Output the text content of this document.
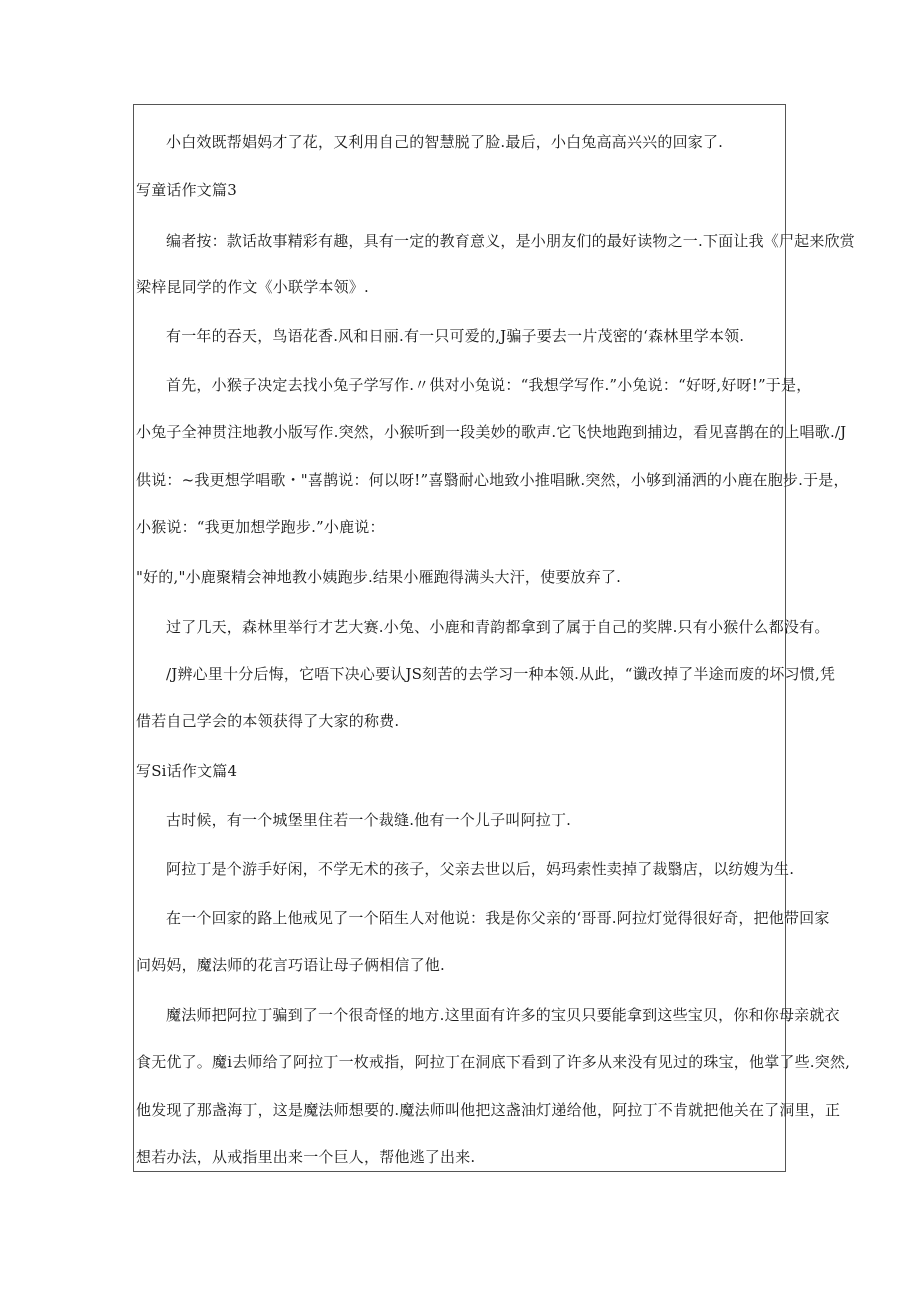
小白效既帮娼妈才了花，又利用自己的智慧脱了脸.最后，小白兔高高兴兴的回家了.
写童话作文篇3
编者按：款话故事精彩有趣，具有一定的教育意义，是小朋友们的最好读物之一.下面让我《尸起来欣赏
梁梓昆同学的作文《小联学本领》.
有一年的吞天，鸟语花香.风和日丽.有一只可爱的,J骗子要去一片茂密的‘森林里学本领.
首先，小猴子决定去找小兔子学写作.〃供对小兔说：“我想学写作.”小兔说：“好呀,好呀!”于是，
小兔子全神贯注地教小版写作.突然，小猴听到一段美妙的歌声.它飞快地跑到捕边，看见喜鹊在的上唱歌./J
供说：~我更想学唱歌・"喜鹊说：何以呀!”喜翳耐心地致小推唱瞅.突然，小够到涌洒的小鹿在胞步.于是，
小猴说：“我更加想学跑步.”小鹿说：
"好的,"小鹿聚精会神地教小姨跑步.结果小雁跑得满头大汗，使要放弃了.
过了几天，森林里举行才艺大赛.小兔、小鹿和青韵都拿到了属于自己的奖牌.只有小猴什么都没有。
/J辨心里十分后悔，它唔下决心要认JS刻苦的去学习一种本领.从此，“谶改掉了半途而废的坏习惯,凭
借若自己学会的本领获得了大家的称费.
写Si话作文篇4
古时候，有一个城堡里住若一个裁缝.他有一个儿子叫阿拉丁.
阿拉丁是个游手好闲，不学无术的孩子，父亲去世以后，妈玛索性卖掉了裁翳店，以纺嫂为生.
在一个回家的路上他戒见了一个陌生人对他说：我是你父亲的‘哥哥.阿拉灯觉得很好奇，把他带回家
问妈妈，魔法师的花言巧语让母子俩相信了他.
魔法师把阿拉丁骗到了一个很奇怪的地方.这里面有许多的宝贝只要能拿到这些宝贝，你和你母亲就衣
食无优了。魔i去师给了阿拉丁一枚戒指，阿拉丁在洞底下看到了许多从来没有见过的珠宝，他掌了些.突然,
他发现了那盏海丁，这是魔法师想要的.魔法师叫他把这盏油灯递给他，阿拉丁不肯就把他关在了洞里，正
想若办法，从戒指里出来一个巨人，帮他逃了出来.
